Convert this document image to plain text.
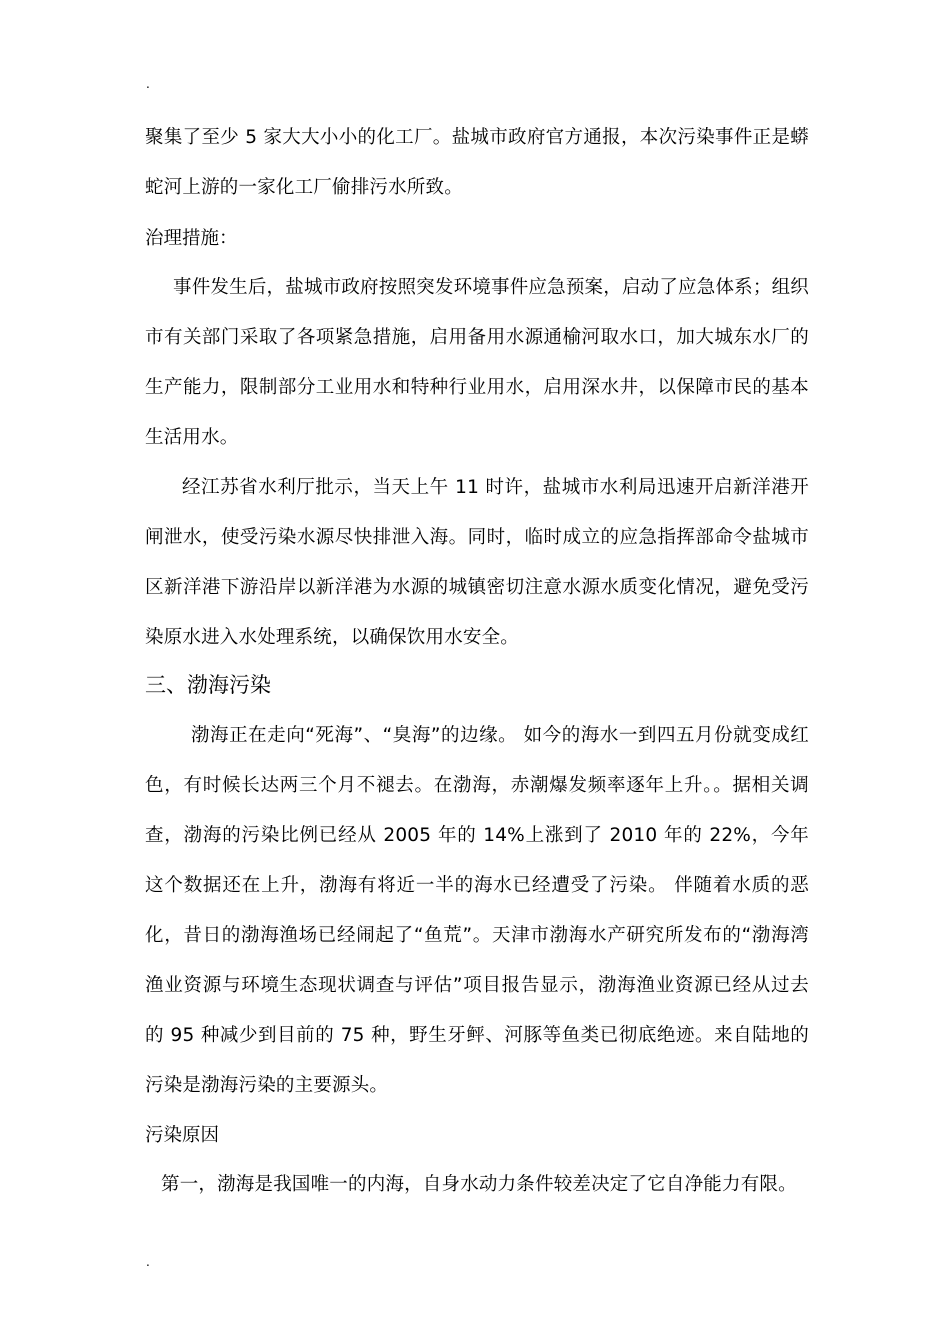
.

聚集了至少 5 家大大小小的化工厂。盐城市政府官方通报，本次污染事件正是蟒蛇河上游的一家化工厂偷排污水所致。

治理措施：

事件发生后，盐城市政府按照突发环境事件应急预案，启动了应急体系；组织市有关部门采取了各项紧急措施，启用备用水源通榆河取水口，加大城东水厂的生产能力，限制部分工业用水和特种行业用水，启用深水井，以保障市民的基本生活用水。

经江苏省水利厅批示，当天上午 11 时许，盐城市水利局迅速开启新洋港开闸泄水，使受污染水源尽快排泄入海。同时，临时成立的应急指挥部命令盐城市区新洋港下游沿岸以新洋港为水源的城镇密切注意水源水质变化情况，避免受污染原水进入水处理系统，以确保饮用水安全。

三、渤海污染

渤海正在走向“死海”、“臭海”的边缘。 如今的海水一到四五月份就变成红色，有时候长达两三个月不褪去。在渤海，赤潮爆发频率逐年上升。。据相关调查，渤海的污染比例已经从 2005 年的 14%上涨到了 2010 年的 22%，今年这个数据还在上升，渤海有将近一半的海水已经遭受了污染。 伴随着水质的恶化，昔日的渤海渔场已经闹起了“鱼荒”。天津市渤海水产研究所发布的“渤海湾渔业资源与环境生态现状调查与评估”项目报告显示，渤海渔业资源已经从过去的 95 种减少到目前的 75 种，野生牙鲆、河豚等鱼类已彻底绝迹。来自陆地的污染是渤海污染的主要源头。

污染原因

第一，渤海是我国唯一的内海，自身水动力条件较差决定了它自净能力有限。

.
